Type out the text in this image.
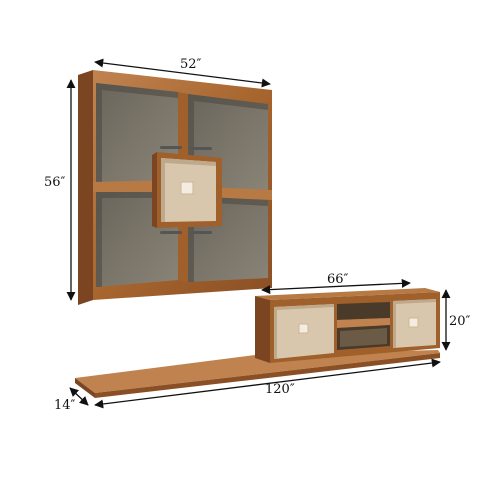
52″
56″
66″
20″
120″
14″
